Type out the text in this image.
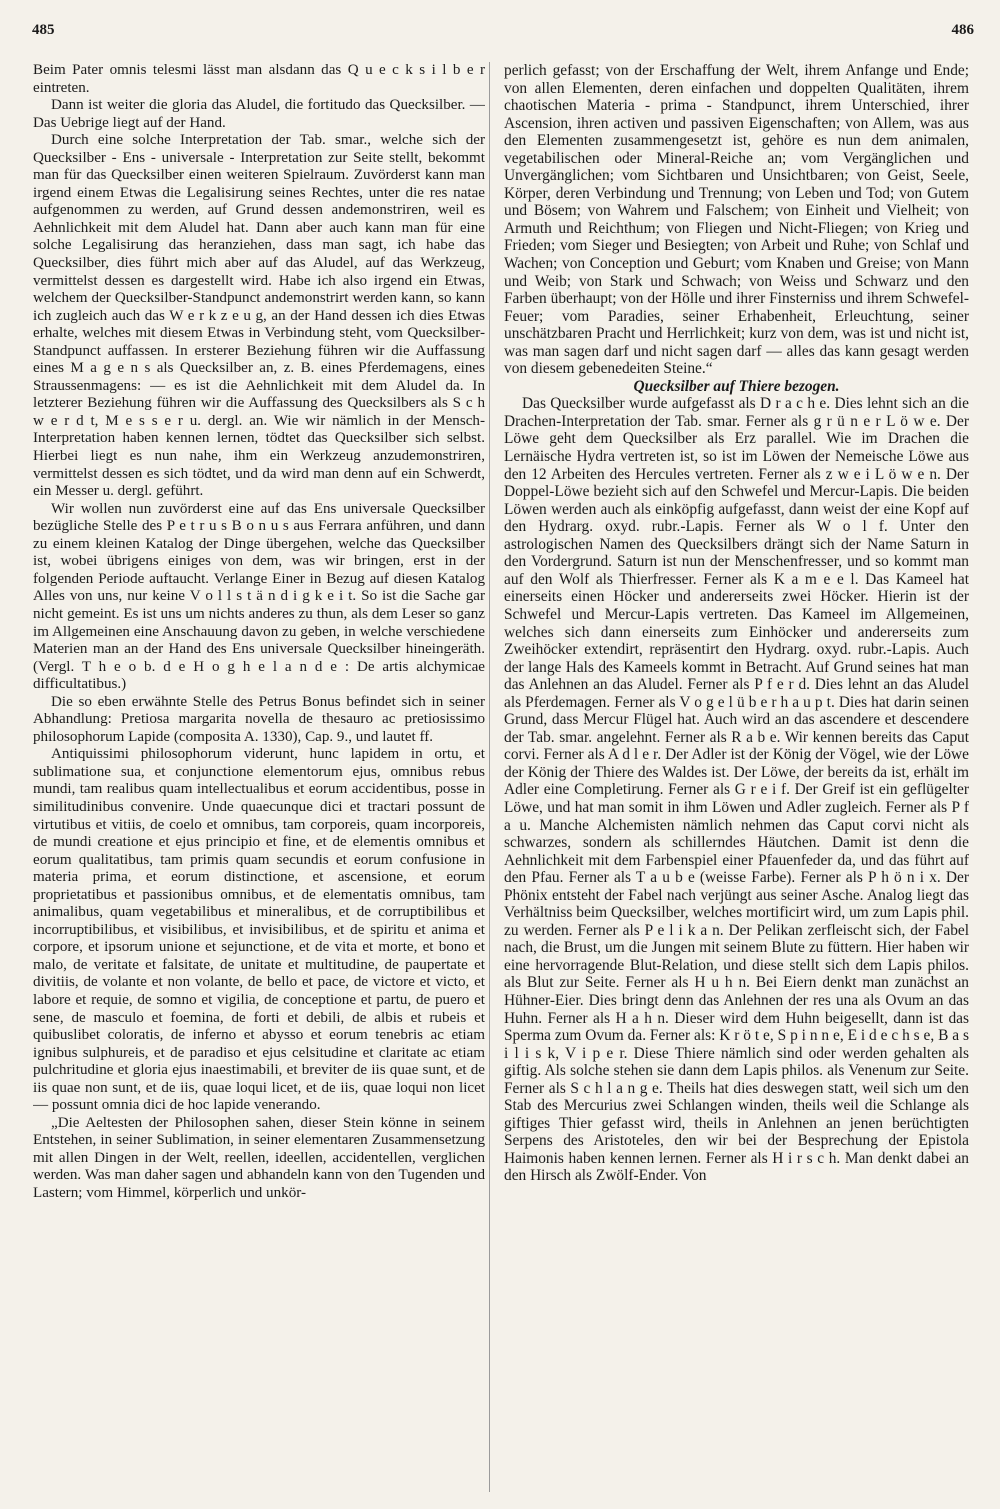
485	486

Beim Pater omnis telesmi lässt man alsdann das Q u e c k s i l b e r eintreten.

Dann ist weiter die gloria das Aludel, die fortitudo das Quecksilber. — Das Uebrige liegt auf der Hand.

Durch eine solche Interpretation der Tab. smar., welche sich der Quecksilber - Ens - universale - Interpretation zur Seite stellt, bekommt man für das Quecksilber einen weiteren Spielraum. Zuvörderst kann man irgend einem Etwas die Legalisirung seines Rechtes, unter die res natae aufgenommen zu werden, auf Grund dessen andemonstriren, weil es Aehnlichkeit mit dem Aludel hat. Dann aber auch kann man für eine solche Legalisirung das heranziehen, dass man sagt, ich habe das Quecksilber, dies führt mich aber auf das Aludel, auf das Werkzeug, vermittelst dessen es dargestellt wird. Habe ich also irgend ein Etwas, welchem der Quecksilber-Standpunct andemonstrirt werden kann, so kann ich zugleich auch das W e r k z e u g, an der Hand dessen ich dies Etwas erhalte, welches mit diesem Etwas in Verbindung steht, vom Quecksilber-Standpunct auffassen. In ersterer Beziehung führen wir die Auffassung eines M a g e n s als Quecksilber an, z. B. eines Pferdemagens, eines Straussenmagens: — es ist die Aehnlichkeit mit dem Aludel da. In letzterer Beziehung führen wir die Auffassung des Quecksilbers als S c h w e r d t, M e s s e r u. dergl. an. Wie wir nämlich in der Mensch-Interpretation haben kennen lernen, tödtet das Quecksilber sich selbst. Hierbei liegt es nun nahe, ihm ein Werkzeug anzudemonstriren, vermittelst dessen es sich tödtet, und da wird man denn auf ein Schwerdt, ein Messer u. dergl. geführt.

Wir wollen nun zuvörderst eine auf das Ens universale Quecksilber bezügliche Stelle des P e t r u s B o n u s aus Ferrara anführen, und dann zu einem kleinen Katalog der Dinge übergehen, welche das Quecksilber ist, wobei übrigens einiges von dem, was wir bringen, erst in der folgenden Periode auftaucht. Verlange Einer in Bezug auf diesen Katalog Alles von uns, nur keine V o l l s t ä n d i g k e i t. So ist die Sache gar nicht gemeint. Es ist uns um nichts anderes zu thun, als dem Leser so ganz im Allgemeinen eine Anschauung davon zu geben, in welche verschiedene Materien man an der Hand des Ens universale Quecksilber hineingeräth. (Vergl. T h e o b. d e H o g h e l a n d e : De artis alchymicae difficultatibus.)

Die so eben erwähnte Stelle des Petrus Bonus befindet sich in seiner Abhandlung: Pretiosa margarita novella de thesauro ac pretiosissimo philosophorum Lapide (composita A. 1330), Cap. 9., und lautet ff.

Antiquissimi philosophorum viderunt, hunc lapidem in ortu, et sublimatione sua, et conjunctione elementorum ejus, omnibus rebus mundi, tam realibus quam intellectualibus et eorum accidentibus, posse in similitudinibus convenire. Unde quaecunque dici et tractari possunt de virtutibus et vitiis, de coelo et omnibus, tam corporeis, quam incorporeis, de mundi creatione et ejus principio et fine, et de elementis omnibus et eorum qualitatibus, tam primis quam secundis et eorum confusione in materia prima, et eorum distinctione, et ascensione, et eorum proprietatibus et passionibus omnibus, et de elementatis omnibus, tam animalibus, quam vegetabilibus et mineralibus, et de corruptibilibus et incorruptibilibus, et visibilibus, et invisibilibus, et de spiritu et anima et corpore, et ipsorum unione et sejunctione, et de vita et morte, et bono et malo, de veritate et falsitate, de unitate et multitudine, de paupertate et divitiis, de volante et non volante, de bello et pace, de victore et victo, et labore et requie, de somno et vigilia, de conceptione et partu, de puero et sene, de masculo et foemina, de forti et debili, de albis et rubeis et quibuslibet coloratis, de inferno et abysso et eorum tenebris ac etiam ignibus sulphureis, et de paradiso et ejus celsitudine et claritate ac etiam pulchritudine et gloria ejus inaestimabili, et breviter de iis quae sunt, et de iis quae non sunt, et de iis, quae loqui licet, et de iis, quae loqui non licet — possunt omnia dici de hoc lapide venerando.

„Die Aeltesten der Philosophen sahen, dieser Stein könne in seinem Entstehen, in seiner Sublimation, in seiner elementaren Zusammensetzung mit allen Dingen in der Welt, reellen, ideellen, accidentellen, verglichen werden. Was man daher sagen und abhandeln kann von den Tugenden und Lastern; vom Himmel, körperlich und unkör-

perlich gefasst; von der Erschaffung der Welt, ihrem Anfange und Ende; von allen Elementen, deren einfachen und doppelten Qualitäten, ihrem chaotischen Materia - prima - Standpunct, ihrem Unterschied, ihrer Ascension, ihren activen und passiven Eigenschaften; von Allem, was aus den Elementen zusammengesetzt ist, gehöre es nun dem animalen, vegetabilischen oder Mineral-Reiche an; vom Vergänglichen und Unvergänglichen; vom Sichtbaren und Unsichtbaren; von Geist, Seele, Körper, deren Verbindung und Trennung; von Leben und Tod; von Gutem und Bösem; von Wahrem und Falschem; von Einheit und Vielheit; von Armuth und Reichthum; von Fliegen und Nicht-Fliegen; von Krieg und Frieden; vom Sieger und Besiegten; von Arbeit und Ruhe; von Schlaf und Wachen; von Conception und Geburt; vom Knaben und Greise; von Mann und Weib; von Stark und Schwach; von Weiss und Schwarz und den Farben überhaupt; von der Hölle und ihrer Finsterniss und ihrem Schwefel-Feuer; vom Paradies, seiner Erhabenheit, Erleuchtung, seiner unschätzbaren Pracht und Herrlichkeit; kurz von dem, was ist und nicht ist, was man sagen darf und nicht sagen darf — alles das kann gesagt werden von diesem gebenedeiten Steine.“

Quecksilber auf Thiere bezogen.

Das Quecksilber wurde aufgefasst als D r a c h e. Dies lehnt sich an die Drachen-Interpretation der Tab. smar. Ferner als g r ü n e r L ö w e. Der Löwe geht dem Quecksilber als Erz parallel. Wie im Drachen die Lernäische Hydra vertreten ist, so ist im Löwen der Nemeische Löwe aus den 12 Arbeiten des Hercules vertreten. Ferner als z w e i L ö w e n. Der Doppel-Löwe bezieht sich auf den Schwefel und Mercur-Lapis. Die beiden Löwen werden auch als einköpfig aufgefasst, dann weist der eine Kopf auf den Hydrarg. oxyd. rubr.-Lapis. Ferner als W o l f. Unter den astrologischen Namen des Quecksilbers drängt sich der Name Saturn in den Vordergrund. Saturn ist nun der Menschenfresser, und so kommt man auf den Wolf als Thierfresser. Ferner als K a m e e l. Das Kameel hat einerseits einen Höcker und andererseits zwei Höcker. Hierin ist der Schwefel und Mercur-Lapis vertreten. Das Kameel im Allgemeinen, welches sich dann einerseits zum Einhöcker und andererseits zum Zweihöcker extendirt, repräsentirt den Hydrarg. oxyd. rubr.-Lapis. Auch der lange Hals des Kameels kommt in Betracht. Auf Grund seines hat man das Anlehnen an das Aludel. Ferner als P f e r d. Dies lehnt an das Aludel als Pferdemagen. Ferner als V o g e l ü b e r h a u p t. Dies hat darin seinen Grund, dass Mercur Flügel hat. Auch wird an das ascendere et descendere der Tab. smar. angelehnt. Ferner als R a b e. Wir kennen bereits das Caput corvi. Ferner als A d l e r. Der Adler ist der König der Vögel, wie der Löwe der König der Thiere des Waldes ist. Der Löwe, der bereits da ist, erhält im Adler eine Completirung. Ferner als G r e i f. Der Greif ist ein geflügelter Löwe, und hat man somit in ihm Löwen und Adler zugleich. Ferner als P f a u. Manche Alchemisten nämlich nehmen das Caput corvi nicht als schwarzes, sondern als schillerndes Häutchen. Damit ist denn die Aehnlichkeit mit dem Farbenspiel einer Pfauenfeder da, und das führt auf den Pfau. Ferner als T a u b e (weisse Farbe). Ferner als P h ö n i x. Der Phönix entsteht der Fabel nach verjüngt aus seiner Asche. Analog liegt das Verhältniss beim Quecksilber, welches mortificirt wird, um zum Lapis phil. zu werden. Ferner als P e l i k a n. Der Pelikan zerfleischt sich, der Fabel nach, die Brust, um die Jungen mit seinem Blute zu füttern. Hier haben wir eine hervorragende Blut-Relation, und diese stellt sich dem Lapis philos. als Blut zur Seite. Ferner als H u h n. Bei Eiern denkt man zunächst an Hühner-Eier. Dies bringt denn das Anlehnen der res una als Ovum an das Huhn. Ferner als H a h n. Dieser wird dem Huhn beigesellt, dann ist das Sperma zum Ovum da. Ferner als: K r ö t e, S p i n n e, E i d e c h s e, B a s i l i s k, V i p e r. Diese Thiere nämlich sind oder werden gehalten als giftig. Als solche stehen sie dann dem Lapis philos. als Venenum zur Seite. Ferner als S c h l a n g e. Theils hat dies deswegen statt, weil sich um den Stab des Mercurius zwei Schlangen winden, theils weil die Schlange als giftiges Thier gefasst wird, theils in Anlehnen an jenen berüchtigten Serpens des Aristoteles, den wir bei der Besprechung der Epistola Haimonis haben kennen lernen. Ferner als H i r s c h. Man denkt dabei an den Hirsch als Zwölf-Ender. Von
